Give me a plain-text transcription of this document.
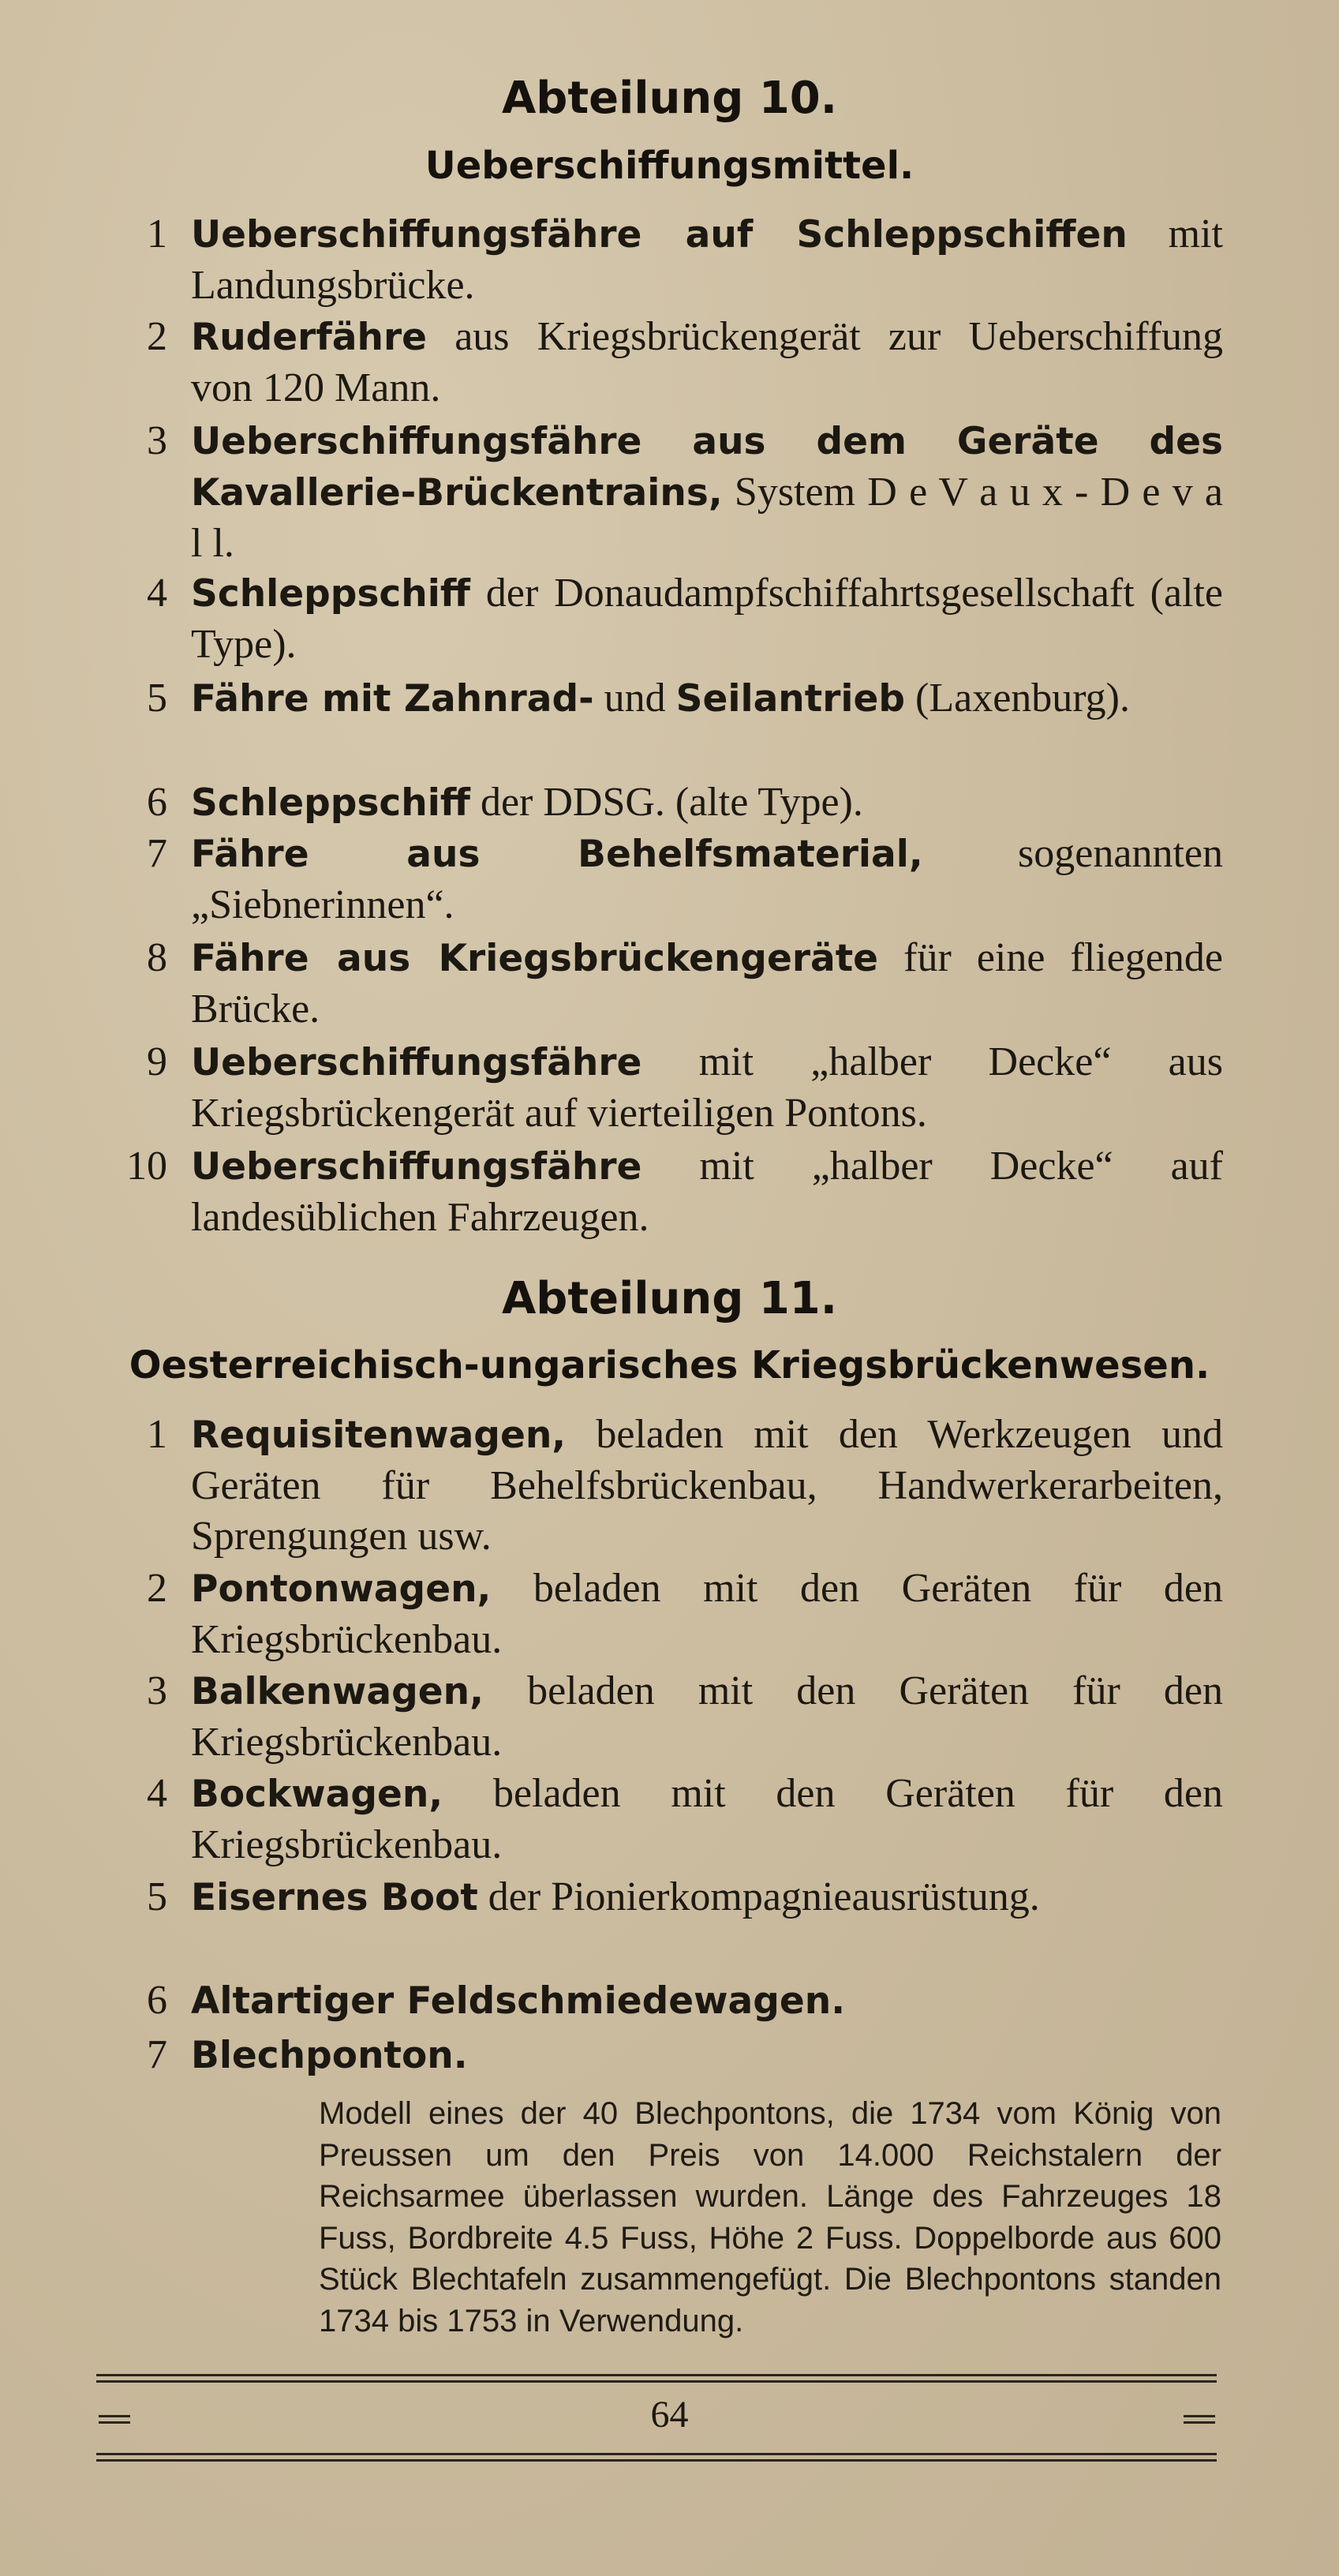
Abteilung 10.
Ueberschiffungsmittel.
1 Ueberschiffungsfähre auf Schleppschiffen mit Landungsbrücke.
2 Ruderfähre aus Kriegsbrückengerät zur Ueberschiffung von 120 Mann.
3 Ueberschiffungsfähre aus dem Geräte des Kavallerie-Brückentrains, System D e V a u x - D e v a l l.
4 Schleppschiff der Donaudampfschiffahrtsgesellschaft (alte Type).
5 Fähre mit Zahnrad- und Seilantrieb (Laxenburg).
6 Schleppschiff der DDSG. (alte Type).
7 Fähre aus Behelfsmaterial, sogenannten „Siebnerinnen“.
8 Fähre aus Kriegsbrückengeräte für eine fliegende Brücke.
9 Ueberschiffungsfähre mit „halber Decke“ aus Kriegsbrückengerät auf vierteiligen Pontons.
10 Ueberschiffungsfähre mit „halber Decke“ auf landesüblichen Fahrzeugen.
Abteilung 11.
Oesterreichisch-ungarisches Kriegsbrückenwesen.
1 Requisitenwagen, beladen mit den Werkzeugen und Geräten für Behelfsbrückenbau, Handwerkerarbeiten, Sprengungen usw.
2 Pontonwagen, beladen mit den Geräten für den Kriegsbrückenbau.
3 Balkenwagen, beladen mit den Geräten für den Kriegsbrückenbau.
4 Bockwagen, beladen mit den Geräten für den Kriegsbrückenbau.
5 Eisernes Boot der Pionierkompagnieausrüstung.
6 Altartiger Feldschmiedewagen.
7 Blechponton.
Modell eines der 40 Blechpontons, die 1734 vom König von Preussen um den Preis von 14.000 Reichstalern der Reichsarmee überlassen wurden. Länge des Fahrzeuges 18 Fuss, Bordbreite 4.5 Fuss, Höhe 2 Fuss. Doppelborde aus 600 Stück Blechtafeln zusammengefügt. Die Blechpontons standen 1734 bis 1753 in Verwendung.
64
